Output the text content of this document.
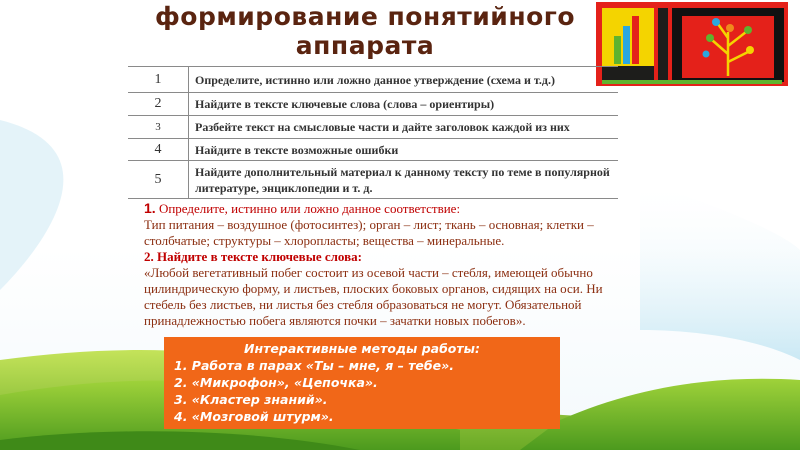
формирование понятийного аппарата
1	Определите, истинно или ложно данное утверждение (схема и т.д.)
2	Найдите в тексте ключевые слова (слова – ориентиры)
3	Разбейте текст на смысловые части и дайте заголовок каждой из них
4	Найдите в тексте возможные ошибки
5	Найдите дополнительный материал к данному тексту по теме в популярной литературе, энциклопедии и т. д.

1. Определите, истинно или ложно данное соответствие:

Тип питания – воздушное (фотосинтез); орган – лист; ткань – основная; клетки – столбчатые; структуры – хлоропласты; вещества – минеральные.

2. Найдите в тексте ключевые слова:

«Любой вегетативный побег состоит из осевой части – стебля, имеющей обычно цилиндрическую форму, и листьев, плоских боковых органов, сидящих на оси. Ни стебель без листьев, ни листья без стебля образоваться не могут. Обязательной принадлежностью побега являются почки – зачатки новых побегов».

Интерактивные методы работы:
1. Работа в парах «Ты – мне, я – тебе».
2. «Микрофон», «Цепочка».
3. «Кластер знаний».
4. «Мозговой штурм».
